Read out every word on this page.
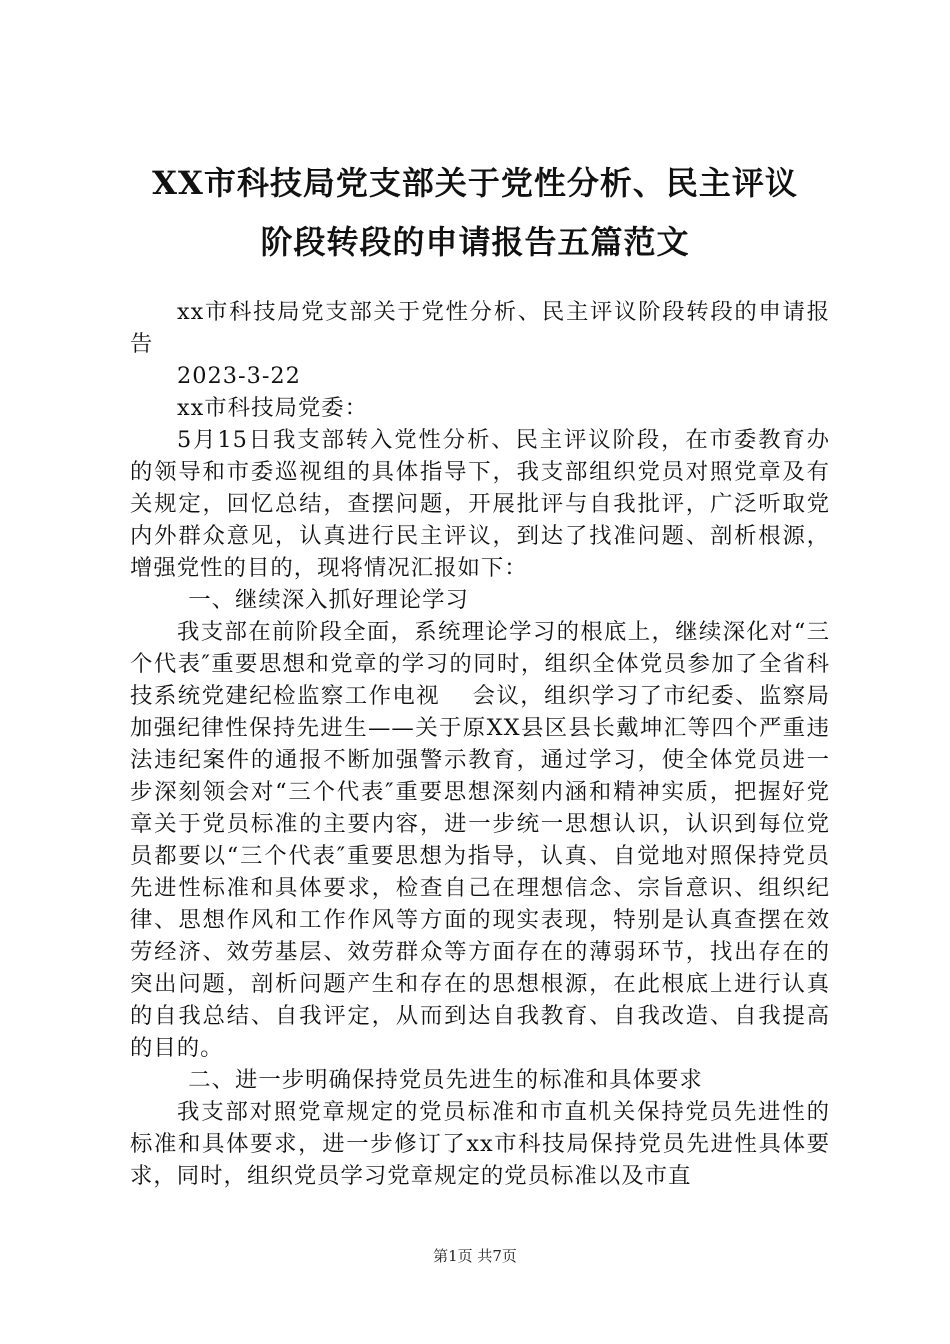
XX市科技局党支部关于党性分析、民主评议
阶段转段的申请报告五篇范文

xx市科技局党支部关于党性分析、民主评议阶段转段的申请报告

2023-3-22

xx市科技局党委：

5月15日我支部转入党性分析、民主评议阶段，在市委教育办的领导和市委巡视组的具体指导下，我支部组织党员对照党章及有关规定，回忆总结，查摆问题，开展批评与自我批评，广泛听取党内外群众意见，认真进行民主评议，到达了找准问题、剖析根源，增强党性的目的，现将情况汇报如下：

一、继续深入抓好理论学习

我支部在前阶段全面，系统理论学习的根底上，继续深化对“三个代表″重要思想和党章的学习的同时，组织全体党员参加了全省科技系统党建纪检监察工作电视　 会议，组织学习了市纪委、监察局加强纪律性保持先进生——关于原XX县区县长戴坤汇等四个严重违法违纪案件的通报不断加强警示教育，通过学习，使全体党员进一步深刻领会对“三个代表″重要思想深刻内涵和精神实质，把握好党章关于党员标准的主要内容，进一步统一思想认识，认识到每位党员都要以“三个代表″重要思想为指导，认真、自觉地对照保持党员先进性标准和具体要求，检查自己在理想信念、宗旨意识、组织纪律、思想作风和工作作风等方面的现实表现，特别是认真查摆在效劳经济、效劳基层、效劳群众等方面存在的薄弱环节，找出存在的突出问题，剖析问题产生和存在的思想根源，在此根底上进行认真的自我总结、自我评定，从而到达自我教育、自我改造、自我提高的目的。

二、进一步明确保持党员先进生的标准和具体要求

我支部对照党章规定的党员标准和市直机关保持党员先进性的标准和具体要求，进一步修订了xx市科技局保持党员先进性具体要求，同时，组织党员学习党章规定的党员标准以及市直

第1页 共7页
